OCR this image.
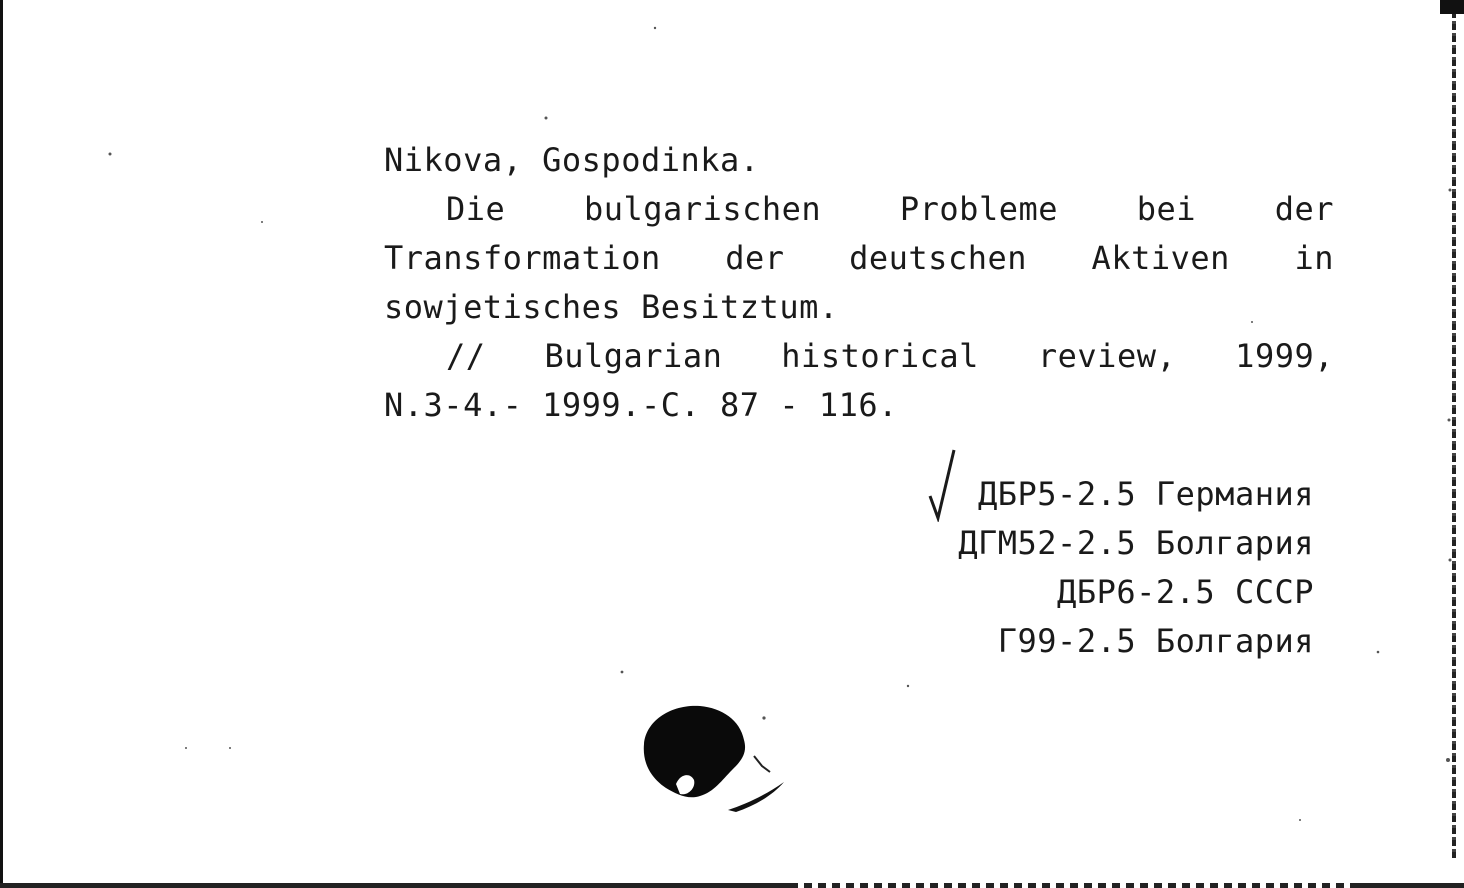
Nikova, Gospodinka.

Die bulgarischen Probleme bei der

Transformation der deutschen Aktiven in

sowjetisches Besitztum.

// Bulgarian historical review, 1999,

N.3-4.- 1999.-C. 87 - 116.

ДБР5-2.5 Германия
ДГМ52-2.5 Болгария
ДБР6-2.5 СССР
Г99-2.5 Болгария
